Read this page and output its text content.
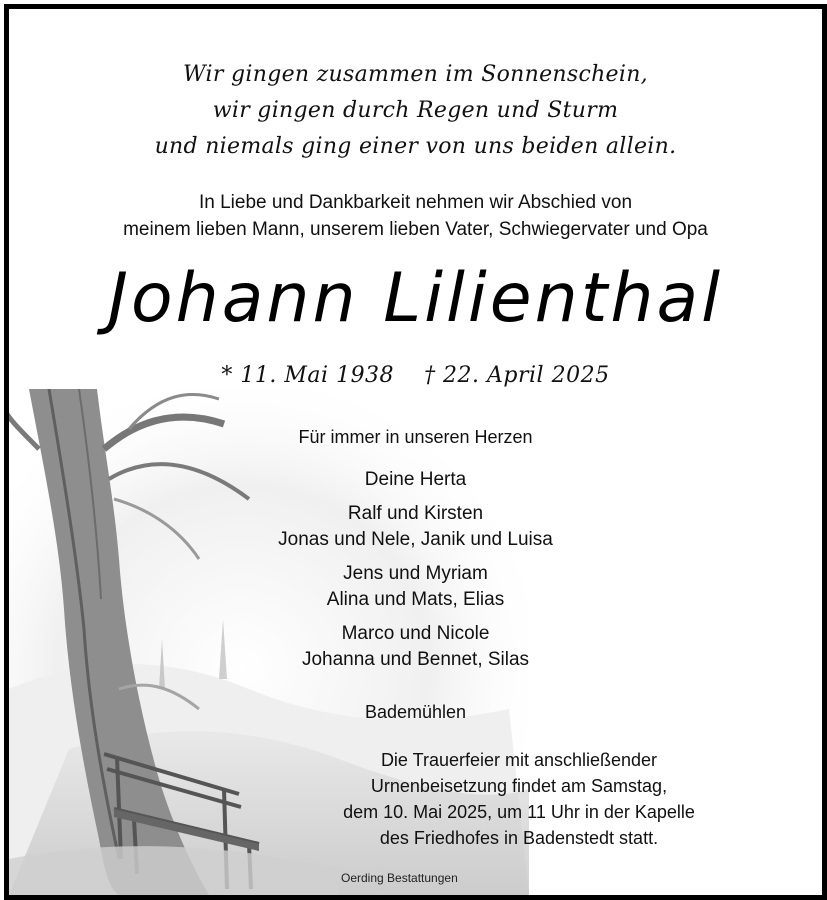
Wir gingen zusammen im Sonnenschein,
wir gingen durch Regen und Sturm
und niemals ging einer von uns beiden allein.
In Liebe und Dankbarkeit nehmen wir Abschied von
meinem lieben Mann, unserem lieben Vater, Schwiegervater und Opa
Johann Lilienthal
* 11. Mai 1938 † 22. April 2025
Für immer in unseren Herzen
Deine Herta
Ralf und Kirsten
Jonas und Nele, Janik und Luisa
Jens und Myriam
Alina und Mats, Elias
Marco und Nicole
Johanna und Bennet, Silas
Bademühlen
Die Trauerfeier mit anschließender
Urnenbeisetzung findet am Samstag,
dem 10. Mai 2025, um 11 Uhr in der Kapelle
des Friedhofes in Badenstedt statt.
Oerding Bestattungen
